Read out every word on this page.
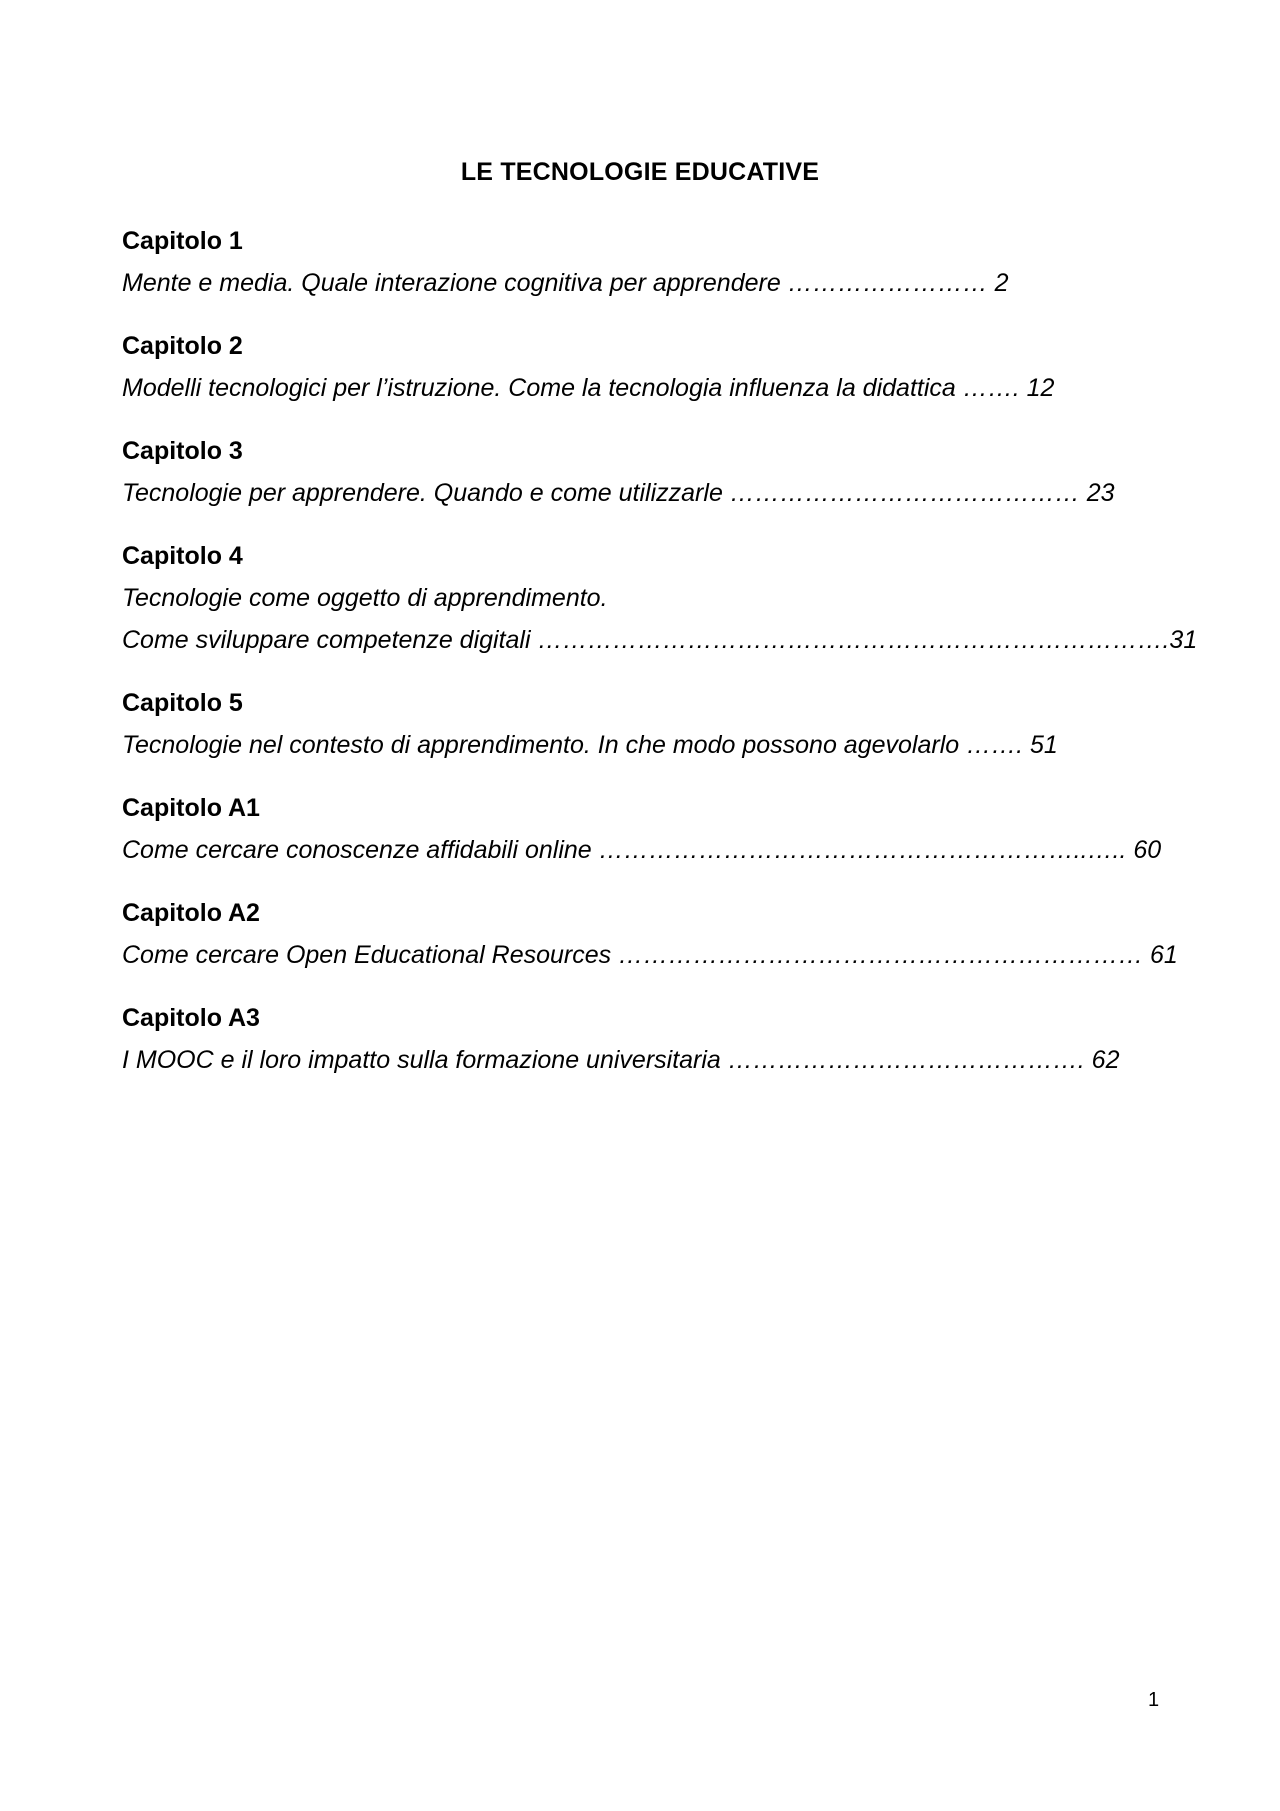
LE TECNOLOGIE EDUCATIVE
Capitolo 1
Mente e media. Quale interazione cognitiva per apprendere …………………… 2
Capitolo 2
Modelli tecnologici per l’istruzione. Come la tecnologia influenza la didattica ……. 12
Capitolo 3
Tecnologie per apprendere. Quando e come utilizzarle …………………………………… 23
Capitolo 4
Tecnologie come oggetto di apprendimento.
Come sviluppare competenze digitali ………………………………………………………………….31
Capitolo 5
Tecnologie nel contesto di apprendimento. In che modo possono agevolarlo ……. 51
Capitolo A1
Come cercare conoscenze affidabili online …………………………………………………..….. 60
Capitolo A2
Come cercare Open Educational Resources ……………………………………………………… 61
Capitolo A3
I MOOC e il loro impatto sulla formazione universitaria ……………………………………. 62
1
